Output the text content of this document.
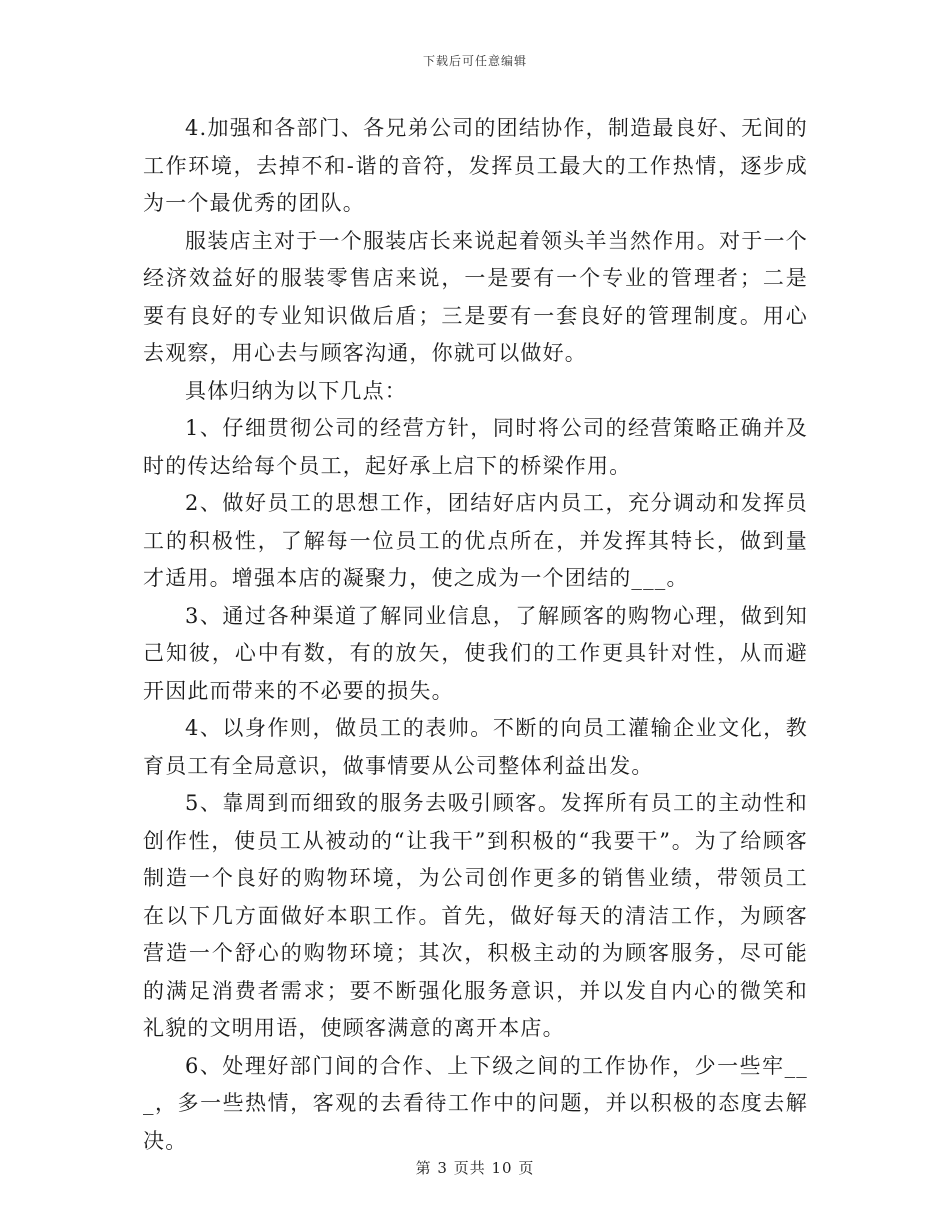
下载后可任意编辑

4.加强和各部门、各兄弟公司的团结协作，制造最良好、无间的工作环境，去掉不和-谐的音符，发挥员工最大的工作热情，逐步成为一个最优秀的团队。

服装店主对于一个服装店长来说起着领头羊当然作用。对于一个经济效益好的服装零售店来说，一是要有一个专业的管理者；二是要有良好的专业知识做后盾；三是要有一套良好的管理制度。用心去观察，用心去与顾客沟通，你就可以做好。

具体归纳为以下几点：

1、仔细贯彻公司的经营方针，同时将公司的经营策略正确并及时的传达给每个员工，起好承上启下的桥梁作用。

2、做好员工的思想工作，团结好店内员工，充分调动和发挥员工的积极性，了解每一位员工的优点所在，并发挥其特长，做到量才适用。增强本店的凝聚力，使之成为一个团结的___。

3、通过各种渠道了解同业信息，了解顾客的购物心理，做到知己知彼，心中有数，有的放矢，使我们的工作更具针对性，从而避开因此而带来的不必要的损失。

4、以身作则，做员工的表帅。不断的向员工灌输企业文化，教育员工有全局意识，做事情要从公司整体利益出发。

5、靠周到而细致的服务去吸引顾客。发挥所有员工的主动性和创作性，使员工从被动的“让我干”到积极的“我要干”。为了给顾客制造一个良好的购物环境，为公司创作更多的销售业绩，带领员工在以下几方面做好本职工作。首先，做好每天的清洁工作，为顾客营造一个舒心的购物环境；其次，积极主动的为顾客服务，尽可能的满足消费者需求；要不断强化服务意识，并以发自内心的微笑和礼貌的文明用语，使顾客满意的离开本店。

6、处理好部门间的合作、上下级之间的工作协作，少一些牢___，多一些热情，客观的去看待工作中的问题，并以积极的态度去解决。

第 3 页共 10 页
